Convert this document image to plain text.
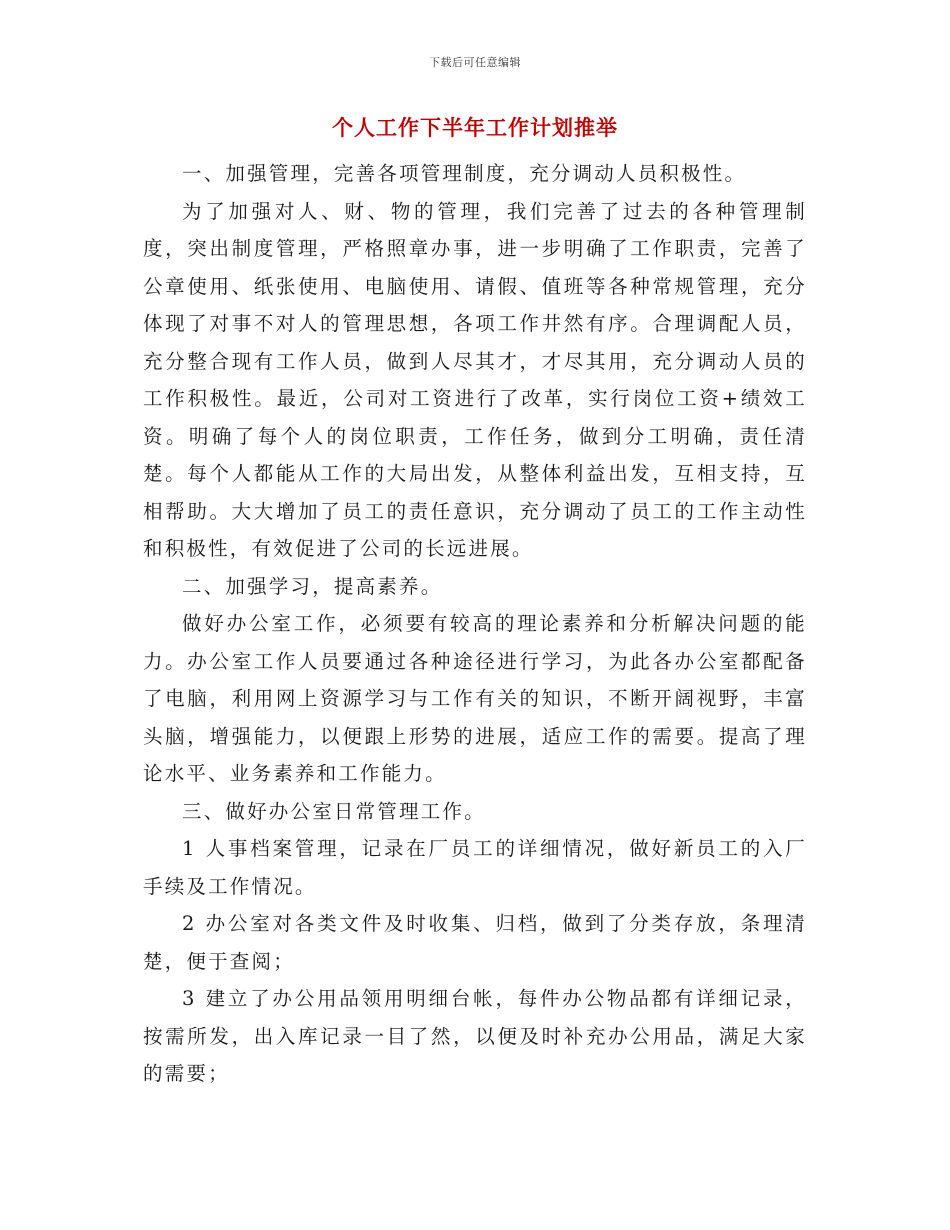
下载后可任意编辑
个人工作下半年工作计划推举

一、加强管理，完善各项管理制度，充分调动人员积极性。

为了加强对人、财、物的管理，我们完善了过去的各种管理制度，突出制度管理，严格照章办事，进一步明确了工作职责，完善了公章使用、纸张使用、电脑使用、请假、值班等各种常规管理，充分体现了对事不对人的管理思想，各项工作井然有序。合理调配人员，充分整合现有工作人员，做到人尽其才，才尽其用，充分调动人员的工作积极性。最近，公司对工资进行了改革，实行岗位工资+绩效工资。明确了每个人的岗位职责，工作任务，做到分工明确，责任清楚。每个人都能从工作的大局出发，从整体利益出发，互相支持，互相帮助。大大增加了员工的责任意识，充分调动了员工的工作主动性和积极性，有效促进了公司的长远进展。

二、加强学习，提高素养。

做好办公室工作，必须要有较高的理论素养和分析解决问题的能力。办公室工作人员要通过各种途径进行学习，为此各办公室都配备了电脑，利用网上资源学习与工作有关的知识，不断开阔视野，丰富头脑，增强能力，以便跟上形势的进展，适应工作的需要。提高了理论水平、业务素养和工作能力。

三、做好办公室日常管理工作。

1 人事档案管理，记录在厂员工的详细情况，做好新员工的入厂手续及工作情况。

2 办公室对各类文件及时收集、归档，做到了分类存放，条理清楚，便于查阅；

3 建立了办公用品领用明细台帐，每件办公物品都有详细记录，按需所发，出入库记录一目了然，以便及时补充办公用品，满足大家的需要；
